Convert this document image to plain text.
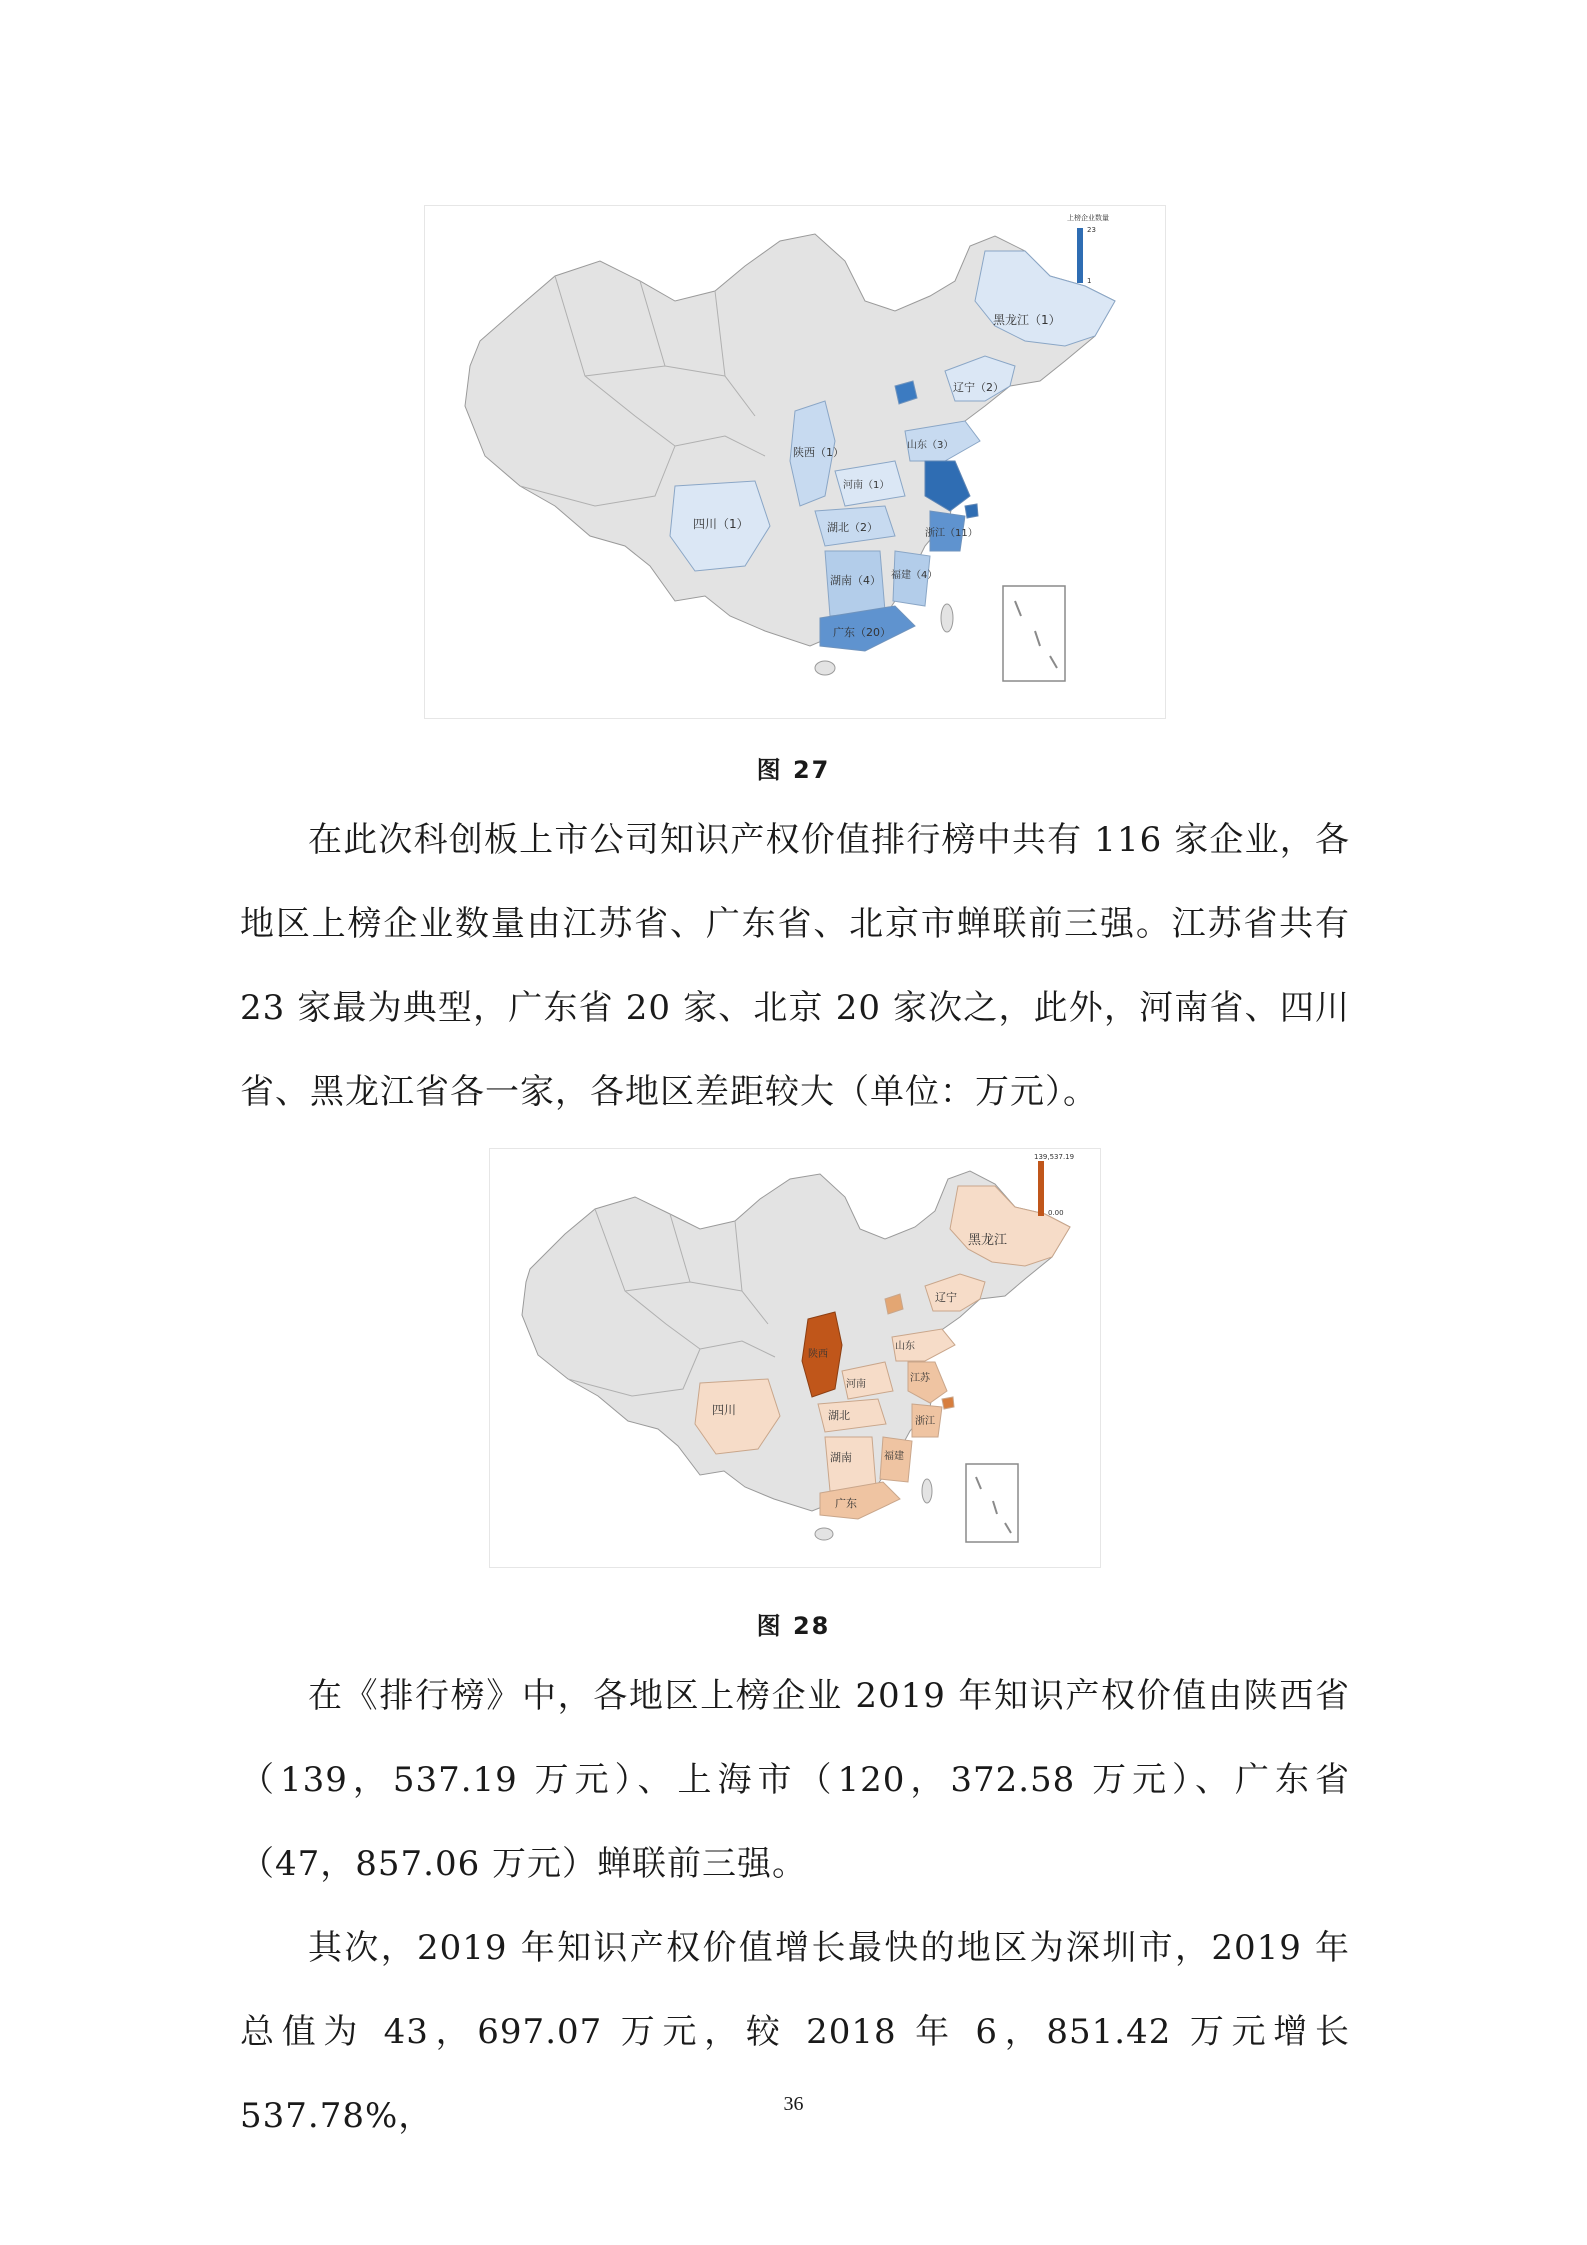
上榜企业数量
23
1
黑龙江（1）
辽宁（2）
陕西（1）
山东（3）
河南（1）
四川（1）	湖北（2）
湖南（4）
浙江（11）
福建（4）
广东（20）
图 27

在此次科创板上市公司知识产权价值排行榜中共有 116 家企业，各地区上榜企业数量由江苏省、广东省、北京市蝉联前三强。江苏省共有 23 家最为典型，广东省 20 家、北京 20 家次之，此外，河南省、四川省、黑龙江省各一家，各地区差距较大（单位：万元）。

139,537.19
0.00
黑龙江
辽宁
陕西
山东
河南
四川	湖北
湖南
江苏
浙江
福建
广东
图 28

在《排行榜》中，各地区上榜企业 2019 年知识产权价值由陕西省（139，537.19 万元）、上海市（120，372.58 万元）、广东省（47，857.06 万元）蝉联前三强。

其次，2019 年知识产权价值增长最快的地区为深圳市，2019 年总值为 43，697.07 万元，较 2018 年 6，851.42 万元增长 537.78%，	36
